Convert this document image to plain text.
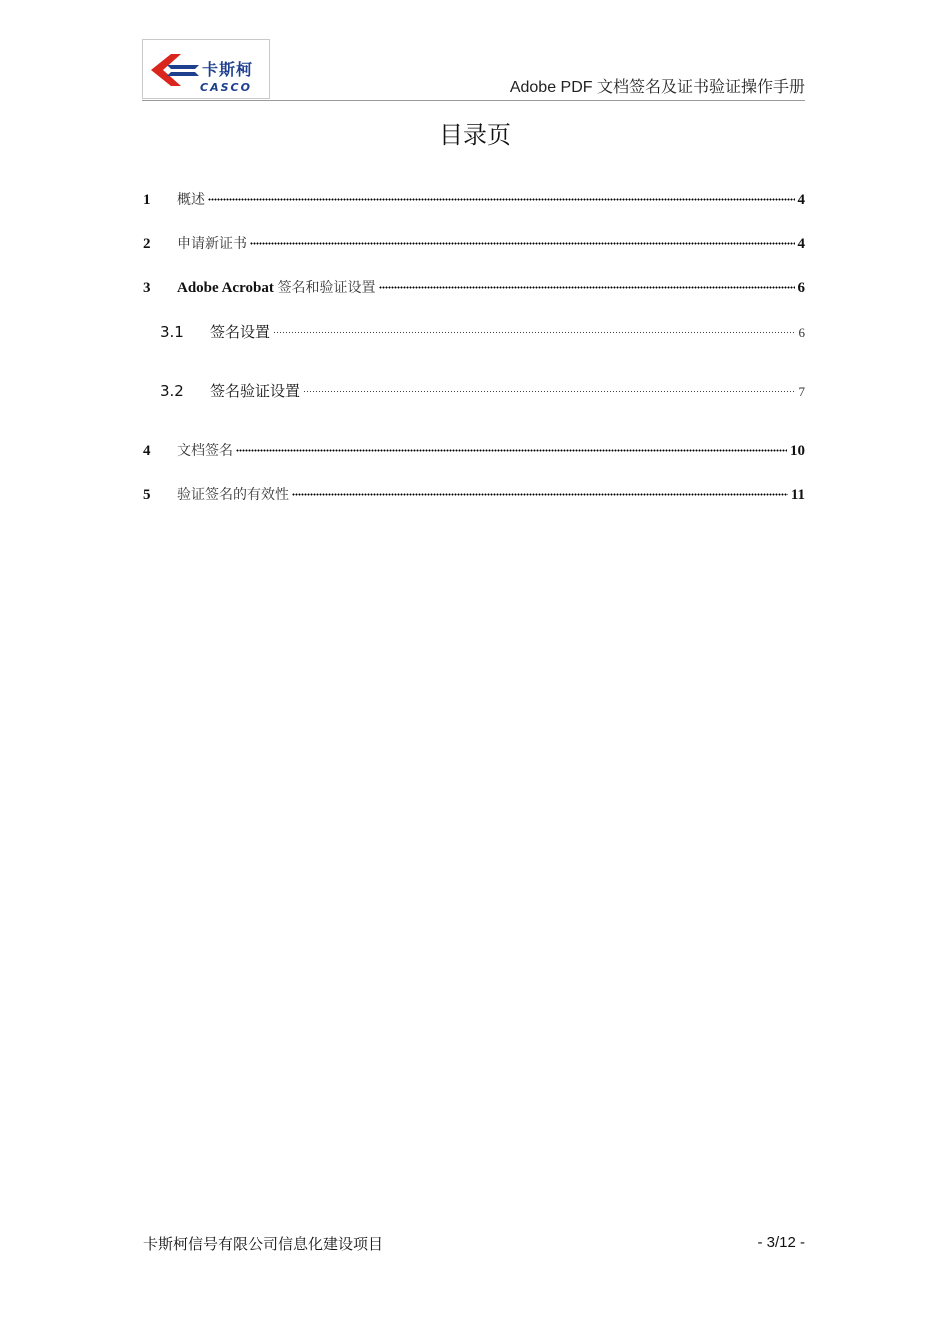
卡斯柯
CASCO	Adobe PDF 文档签名及证书验证操作手册
目录页
1	概述	4
2	申请新证书	4
3	Adobe Acrobat 签名和验证设置	6
3.1	签名设置	6
3.2	签名验证设置	7
4	文档签名	10
5	验证签名的有效性	11
卡斯柯信号有限公司信息化建设项目	- 3/12 -
